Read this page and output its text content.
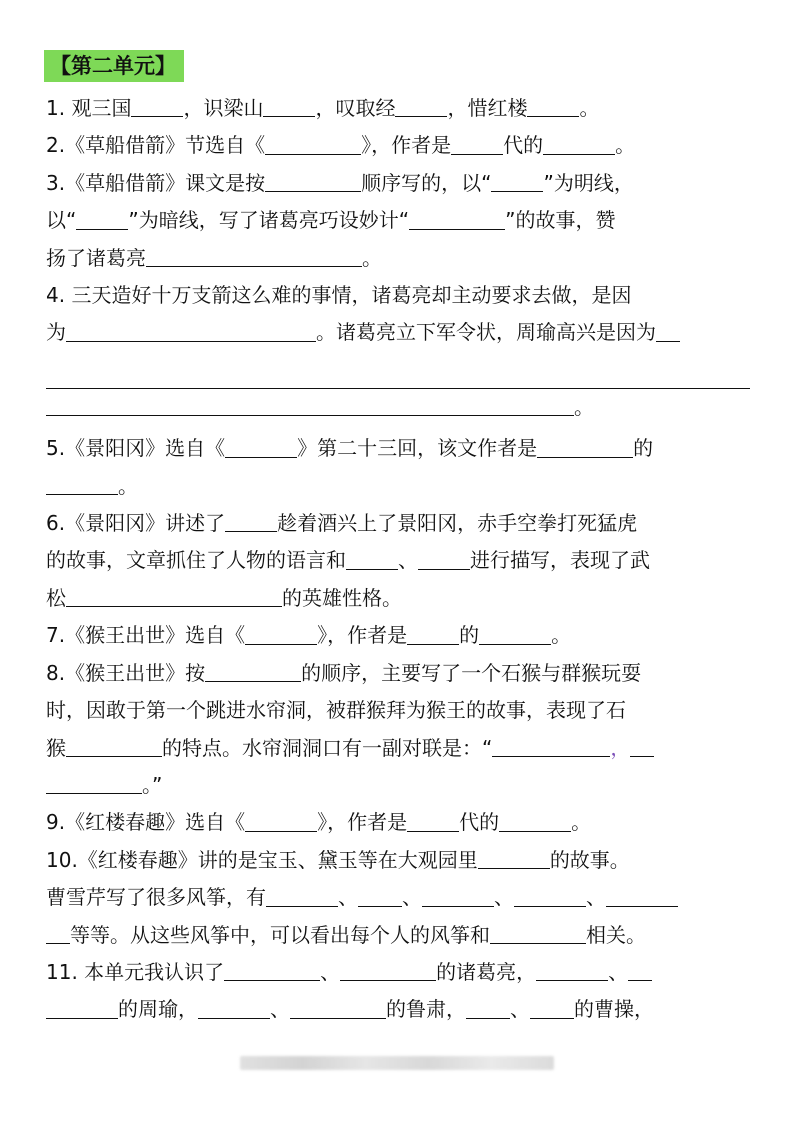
【第二单元】

1. 观三国	，识梁山	，叹取经	，惜红楼	。

2.《草船借箭》节选自《	》，作者是	代的	。

3.《草船借箭》课文是按	顺序写的，以“	”为明线，
以“	”为暗线，写了诸葛亮巧设妙计“	”的故事，赞
扬了诸葛亮	。

4. 三天造好十万支箭这么难的事情，诸葛亮却主动要求去做，是因
为	。诸葛亮立下军令状，周瑜高兴是因为
。

5.《景阳冈》选自《	》第二十三回，该文作者是	的
。

6.《景阳冈》讲述了	趁着酒兴上了景阳冈，赤手空拳打死猛虎
的故事，文章抓住了人物的语言和	、	进行描写，表现了武
松	的英雄性格。

7.《猴王出世》选自《	》，作者是	的	。

8.《猴王出世》按	的顺序，主要写了一个石猴与群猴玩耍
时，因敢于第一个跳进水帘洞，被群猴拜为猴王的故事，表现了石
猴	的特点。水帘洞洞口有一副对联是：“	，
。”

9.《红楼春趣》选自《	》，作者是	代的	。

10.《红楼春趣》讲的是宝玉、黛玉等在大观园里	的故事。
曹雪芹写了很多风筝，有	、 、	、	、
等等。从这些风筝中，可以看出每个人的风筝和	相关。

11. 本单元我认识了	、	的诸葛亮，	、
的周瑜，	、	的鲁肃， 、 的曹操，
